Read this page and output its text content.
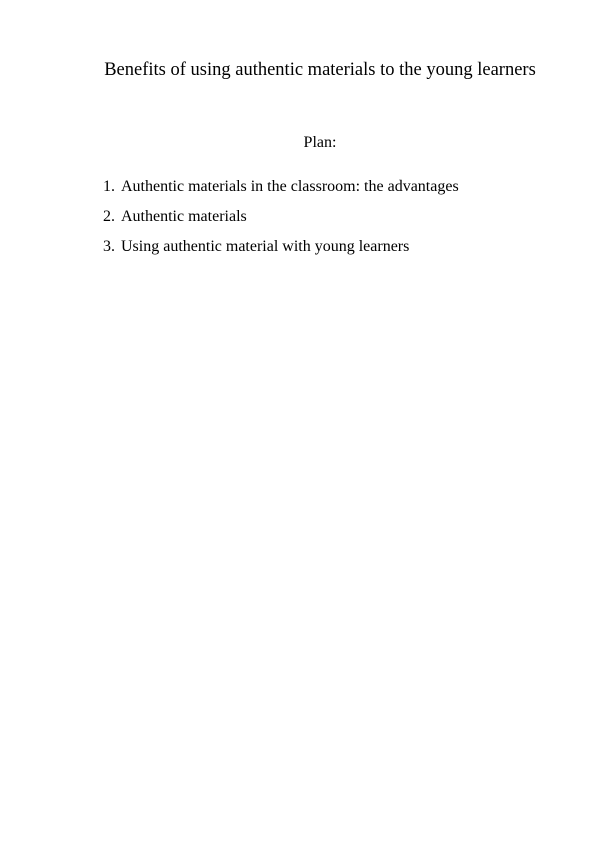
Benefits of using authentic materials to the young learners
Plan:
1. Authentic materials in the classroom: the advantages
2. Authentic materials
3. Using authentic material with young learners
